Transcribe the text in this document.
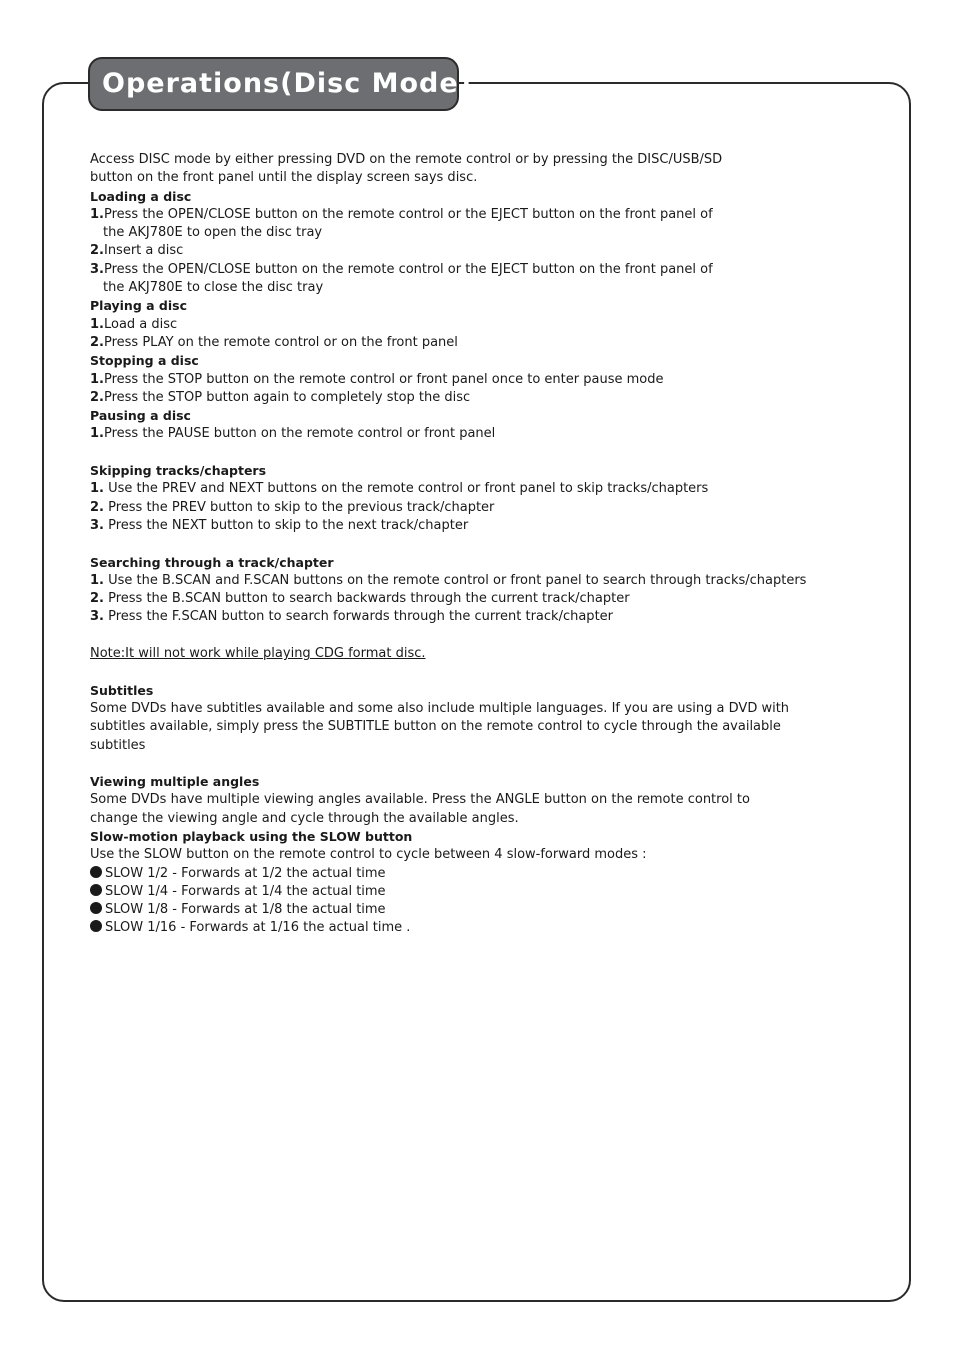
Operations(Disc Mode)

Access DISC mode by either pressing DVD on the remote control or by pressing the DISC/USB/SD

button on the front panel until the display screen says disc.

Loading a disc

1.Press the OPEN/CLOSE button on the remote control or the EJECT button on the front panel of

the AKJ780E to open the disc tray

2.Insert a disc

3.Press the OPEN/CLOSE button on the remote control or the EJECT button on the front panel of

the AKJ780E to close the disc tray

Playing a disc

1.Load a disc

2.Press PLAY on the remote control or on the front panel

Stopping a disc

1.Press the STOP button on the remote control or front panel once to enter pause mode

2.Press the STOP button again to completely stop the disc

Pausing a disc

1.Press the PAUSE button on the remote control or front panel

Skipping tracks/chapters

1. Use the PREV and NEXT buttons on the remote control or front panel to skip tracks/chapters

2. Press the PREV button to skip to the previous track/chapter

3. Press the NEXT button to skip to the next track/chapter

Searching through a track/chapter

1. Use the B.SCAN and F.SCAN buttons on the remote control or front panel to search through tracks/chapters

2. Press the B.SCAN button to search backwards through the current track/chapter

3. Press the F.SCAN button to search forwards through the current track/chapter

Note:It will not work while playing CDG format disc.

Subtitles

Some DVDs have subtitles available and some also include multiple languages. If you are using a DVD with

subtitles available, simply press the SUBTITLE button on the remote control to cycle through the available

subtitles

Viewing multiple angles

Some DVDs have multiple viewing angles available. Press the ANGLE button on the remote control to

change the viewing angle and cycle through the available angles.

Slow-motion playback using the SLOW button

Use the SLOW button on the remote control to cycle between 4 slow-forward modes :

SLOW 1/2 - Forwards at 1/2 the actual time

SLOW 1/4 - Forwards at 1/4 the actual time

SLOW 1/8 - Forwards at 1/8 the actual time

SLOW 1/16 - Forwards at 1/16 the actual time .
